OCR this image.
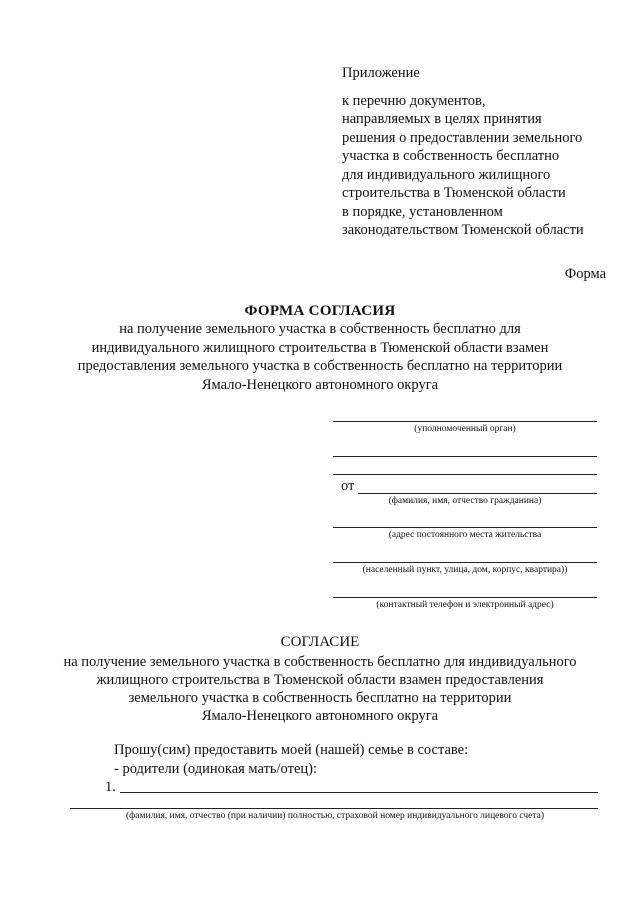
Приложение
к перечню документов,
направляемых в целях принятия
решения о предоставлении земельного
участка в собственность бесплатно
для индивидуального жилищного
строительства в Тюменской области
в порядке, установленном
законодательством Тюменской области
Форма
ФОРМА СОГЛАСИЯ
на получение земельного участка в собственность бесплатно для
индивидуального жилищного строительства в Тюменской области взамен
предоставления земельного участка в собственность бесплатно на территории
Ямало-Ненецкого автономного округа
(уполномоченный орган)
от
(фамилия, имя, отчество гражданина)
(адрес постоянного места жительства
(населенный пункт, улица, дом, корпус, квартира))
(контактный телефон и электронный адрес)
СОГЛАСИЕ
на получение земельного участка в собственность бесплатно для индивидуального
жилищного строительства в Тюменской области взамен предоставления
земельного участка в собственность бесплатно на территории
Ямало-Ненецкого автономного округа
Прошу(сим) предоставить моей (нашей) семье в составе:
- родители (одинокая мать/отец):
1.
(фамилия, имя, отчество (при наличии) полностью, страховой номер индивидуального лицевого счета)
